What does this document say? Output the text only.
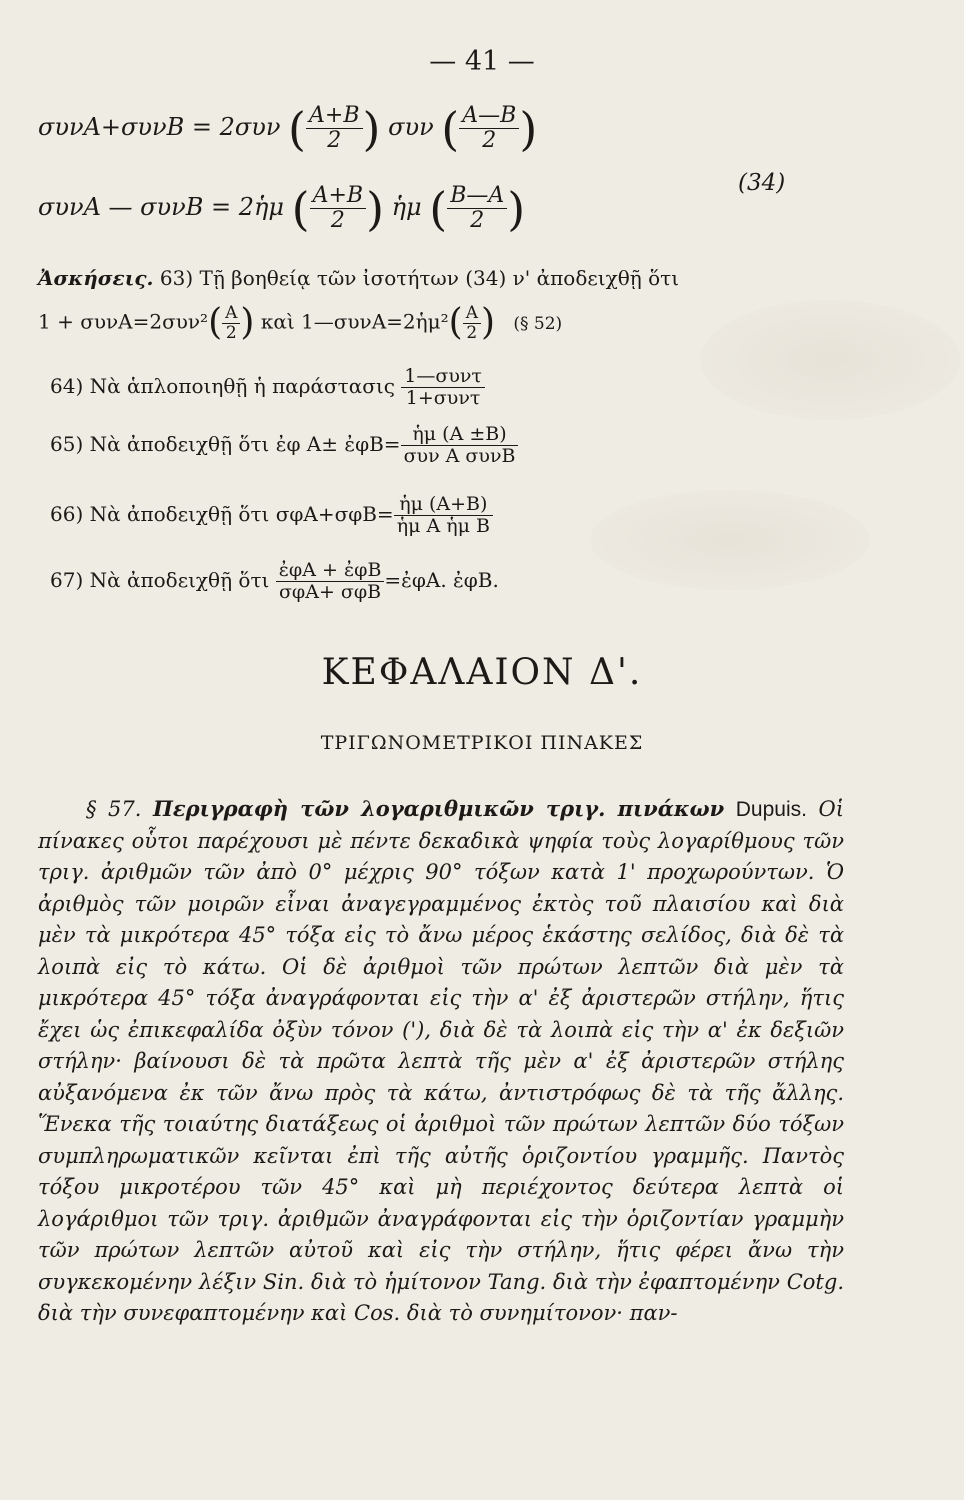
— 41 —
συνA+συνB = 2συν ( $\frac{A+B}{2}$ ) συν ( $\frac{A—B}{2}$ )
συνA — συνB = 2ἡμ ( $\frac{A+B}{2}$ ) ἡμ ( $\frac{B—A}{2}$ )	(34)
Ἀσκήσεις. 63) Τῇ βοηθείᾳ τῶν ἰσοτήτων (34) ν' ἀποδειχθῇ ὅτι
$1 + \sigma\upsilon\nu A=2\sigma\upsilon\nu^2( \frac{A}{2}$ ) καὶ 1—συνA=2ἡμ²( $\frac{A}{2}$ ) (§ 52)
64) Νὰ ἁπλοποιηθῇ ἡ παράστασις $\frac{\text{1—συντ}}{\text{1+συντ}}$
65) Νὰ ἀποδειχθῇ ὅτι ἐφ A± ἐφB= $\frac{\text{ἡμ (A ±B)}}{\text{συν A συνB}}$
66) Νὰ ἀποδειχθῇ ὅτι $\sigma\varphi A+\sigma\varphi B= \frac{\text{ἡμ (A+B)}}{\text{ἡμ A ἡμ B}}$
67) Νὰ ἀποδειχθῇ ὅτι $\frac{\text{ἐφA + ἐφB}}{\text{σφA+ σφB}}$ =ἐφA. ἐφB.
ΚΕΦΑΛΑΙΟΝ Δ'.
ΤΡΙΓΩΝΟΜΕΤΡΙΚΟΙ ΠΙΝΑΚΕΣ
§ 57. Περιγραφὴ τῶν λογαριθμικῶν τριγ. πινάκων Dupuis. Οἱ πίνακες οὗτοι παρέχουσι μὲ πέντε δεκαδικὰ ψηφία τοὺς λογαρίθμους τῶν τριγ. ἀριθμῶν τῶν ἀπὸ 0° μέχρις 90° τόξων κατὰ 1' προχωρούντων. Ὁ ἀριθμὸς τῶν μοιρῶν εἶναι ἀναγεγραμμένος ἐκτὸς τοῦ πλαισίου καὶ διὰ μὲν τὰ μικρότερα 45° τόξα εἰς τὸ ἄνω μέρος ἑκάστης σελίδος, διὰ δὲ τὰ λοιπὰ εἰς τὸ κάτω. Οἱ δὲ ἀριθμοὶ τῶν πρώτων λεπτῶν διὰ μὲν τὰ μικρότερα 45° τόξα ἀναγράφονται εἰς τὴν α' ἐξ ἀριστερῶν στήλην, ἥτις ἔχει ὡς ἐπικεφαλίδα ὀξὺν τόνον ('), διὰ δὲ τὰ λοιπὰ εἰς τὴν α' ἐκ δεξιῶν στήλην· βαίνουσι δὲ τὰ πρῶτα λεπτὰ τῆς μὲν α' ἐξ ἀριστερῶν στήλης αὐξανόμενα ἐκ τῶν ἄνω πρὸς τὰ κάτω, ἀντιστρόφως δὲ τὰ τῆς ἄλλης. Ἕνεκα τῆς τοιαύτης διατάξεως οἱ ἀριθμοὶ τῶν πρώτων λεπτῶν δύο τόξων συμπληρωματικῶν κεῖνται ἐπὶ τῆς αὐτῆς ὁριζοντίου γραμμῆς. Παντὸς τόξου μικροτέρου τῶν 45° καὶ μὴ περιέχοντος δεύτερα λεπτὰ οἱ λογάριθμοι τῶν τριγ. ἀριθμῶν ἀναγράφονται εἰς τὴν ὁριζοντίαν γραμμὴν τῶν πρώτων λεπτῶν αὐτοῦ καὶ εἰς τὴν στήλην, ἥτις φέρει ἄνω τὴν συγκεκομένην λέξιν Sin. διὰ τὸ ἡμίτονον Tang. διὰ τὴν ἐφαπτομένην Cotg. διὰ τὴν συνεφαπτομένην καὶ Cos. διὰ τὸ συνημίτονον· παν-
